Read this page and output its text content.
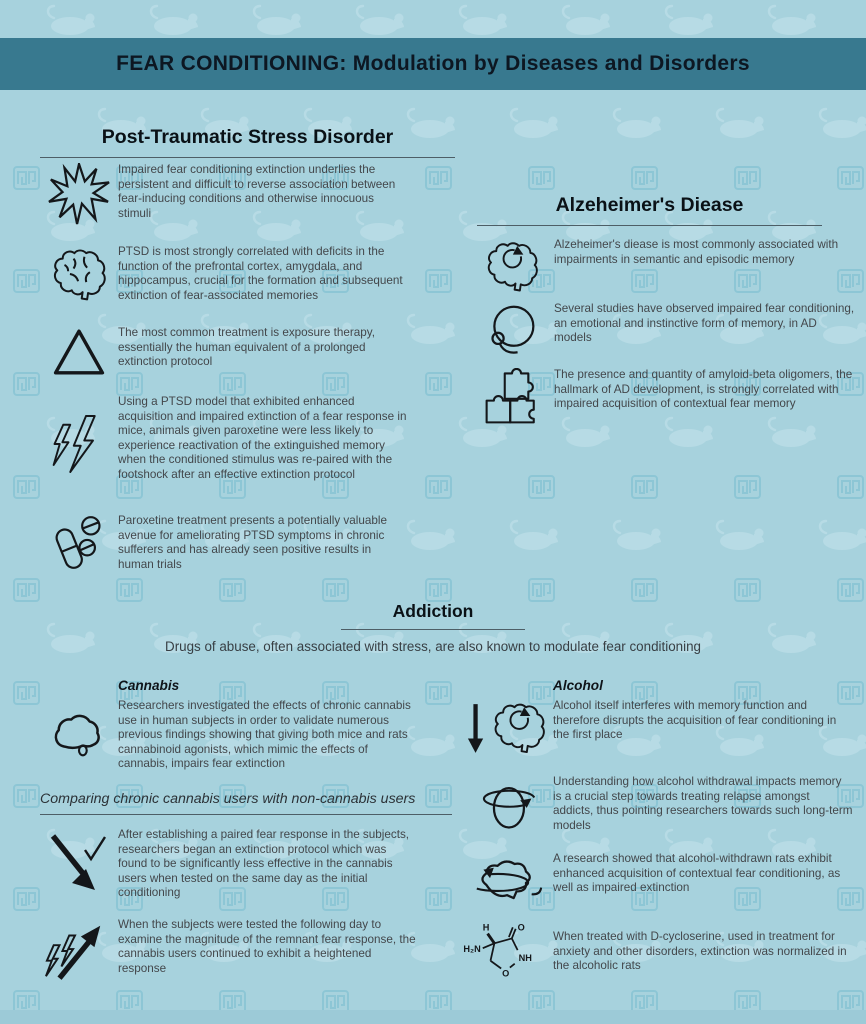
FEAR CONDITIONING: Modulation by Diseases and Disorders
Post-Traumatic Stress Disorder

Impaired fear conditioning extinction underlies the persistent and difficult to reverse association between fear-inducing conditions and otherwise innocuous stimuli

PTSD is most strongly correlated with deficits in the function of the prefrontal cortex, amygdala, and hippocampus, crucial for the formation and subsequent extinction of fear-associated memories

The most common treatment is exposure therapy, essentially the human equivalent of a prolonged extinction protocol

Using a PTSD model that exhibited enhanced acquisition and impaired extinction of a fear response in mice, animals given paroxetine were less likely to experience reactivation of the extinguished memory when the conditioned stimulus was re-paired with the footshock after an effective extinction protocol

Paroxetine treatment presents a potentially valuable avenue for ameliorating PTSD symptoms in chronic sufferers and has already seen positive results in human trials

Alzeheimer's Diease

Alzeheimer's diease is most commonly associated with impairments in semantic and episodic memory

Several studies have observed impaired fear conditioning, an emotional and instinctive form of memory, in AD models

The presence and quantity of amyloid-beta oligomers, the hallmark of AD development, is strongly correlated with impaired acquisition of contextual fear memory

Addiction
Drugs of abuse, often associated with stress, are also known to modulate fear conditioning
Cannabis

Researchers investigated the effects of chronic cannabis use in human subjects in order to validate numerous previous findings showing that giving both mice and rats cannabinoid agonists, which mimic the effects of cannabis, impairs fear extinction

Comparing chronic cannabis users with non-cannabis users

After establishing a paired fear response in the subjects, researchers began an extinction protocol which was found to be significantly less effective in the cannabis users when tested on the same day as the initial conditioning

When the subjects were tested the following day to examine the magnitude of the remnant fear response, the cannabis users continued to exhibit a heightened response

Alcohol

Alcohol itself interferes with memory function and therefore disrupts the acquisition of fear conditioning in the first place

Understanding how alcohol withdrawal impacts memory is a crucial step towards treating relapse amongst addicts, thus pointing researchers towards such long-term models

A research showed that alcohol-withdrawn rats exhibit enhanced acquisition of contextual fear conditioning, as well as impaired extinction

O
NH
O
H₂N
H

When treated with D-cycloserine, used in treatment for anxiety and other disorders, extinction was normalized in the alcoholic rats
